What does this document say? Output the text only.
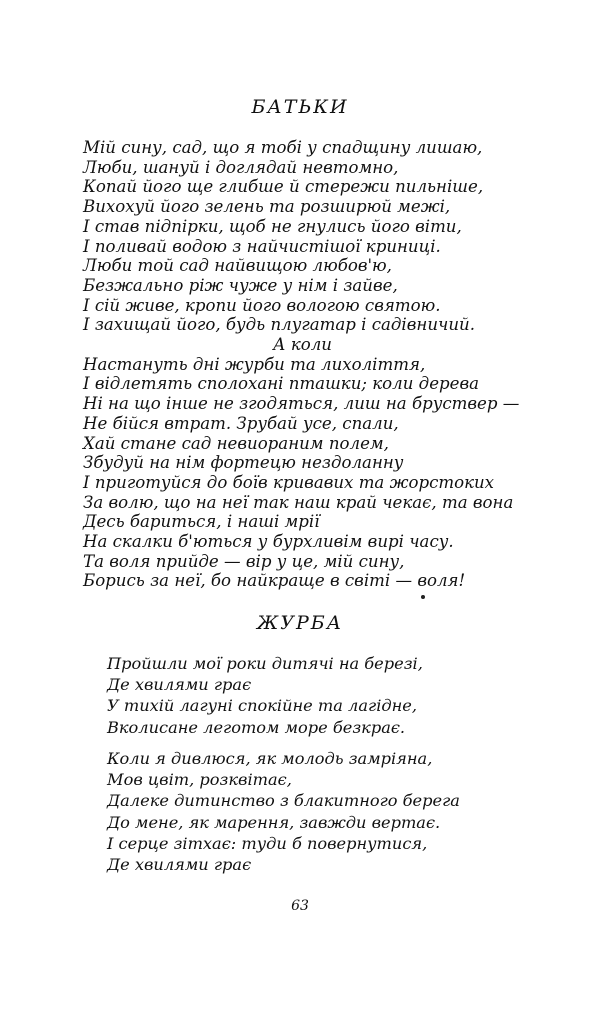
БАТЬКИ
Мій сину, сад, що я тобі у спадщину лишаю,
Люби, шануй і доглядай невтомно,
Копай його ще глибше й стережи пильніше,
Вихохуй його зелень та розширюй межі,
І став підпірки, щоб не гнулись його віти,
І поливай водою з найчистішої криниці.
Люби той сад найвищою любов'ю,
Безжально ріж чуже у нім і зайве,
І сій живе, кропи його вологою святою.
І захищай його, будь плугатар і садівничий.
А коли
Настануть дні журби та лихоліття,
І відлетять сполохані пташки; коли дерева
Ні на що інше не згодяться, лиш на бруствер —
Не бійся втрат. Зрубай усе, спали,
Хай стане сад невиораним полем,
Збудуй на нім фортецю нездоланну
І приготуйся до боїв кривавих та жорстоких
За волю, що на неї так наш край чекає, та вона
Десь бариться, і наші мрії
На скалки б'ються у бурхливім вирі часу.
Та воля прийде — вір у це, мій сину,
Борись за неї, бо найкраще в світі — воля!
ЖУРБА
Пройшли мої роки дитячі на березі,
Де хвилями грає
У тихій лагуні спокійне та лагідне,
Вколисане леготом море безкрає.
Коли я дивлюся, як молодь замріяна,
Мов цвіт, розквітає,
Далеке дитинство з блакитного берега
До мене, як марення, завжди вертає.
І серце зітхає: туди б повернутися,
Де хвилями грає
63
